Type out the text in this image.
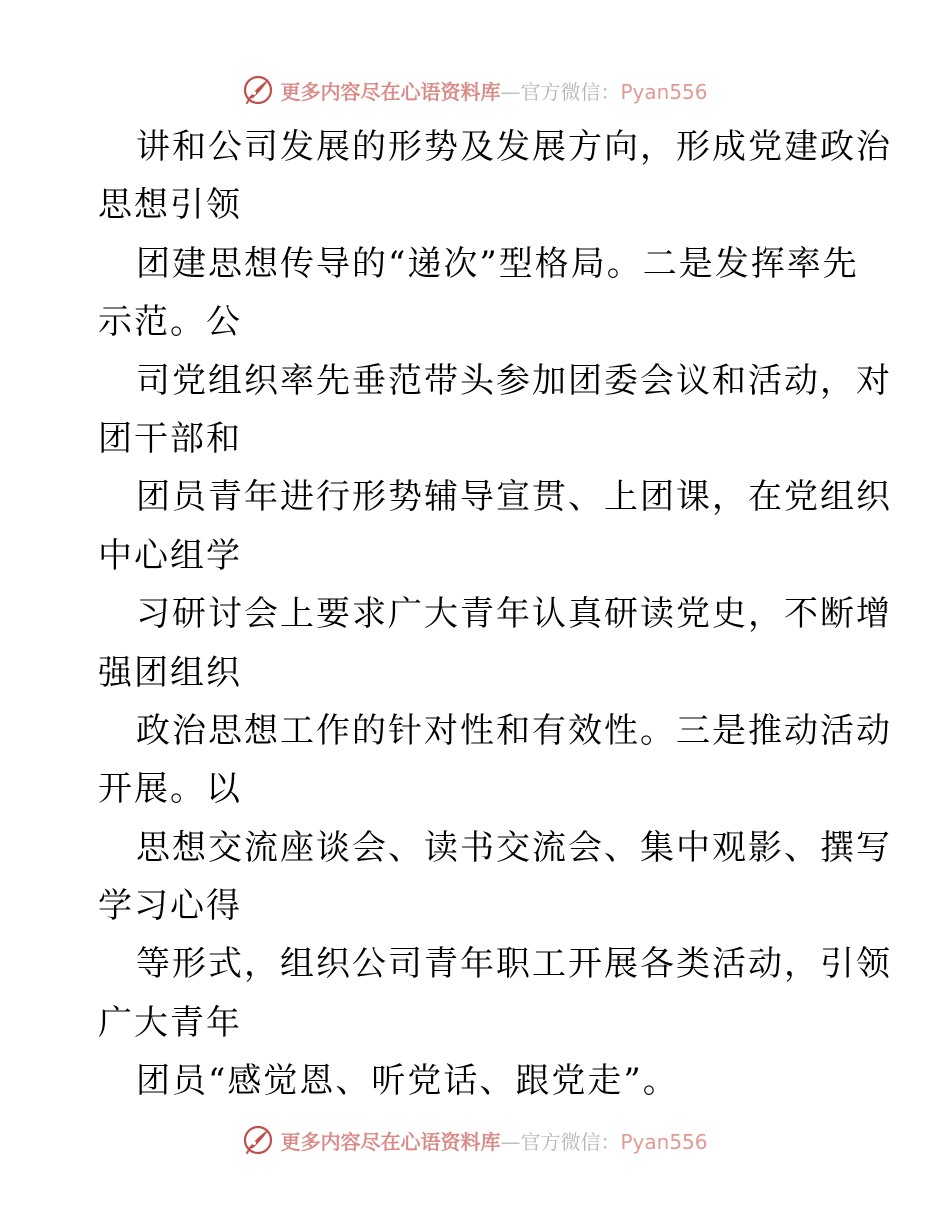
更多内容尽在心语资料库—官方微信：Pyan556
讲和公司发展的形势及发展方向，形成党建政治
思想引领
团建思想传导的“递次”型格局。二是发挥率先
示范。公
司党组织率先垂范带头参加团委会议和活动，对
团干部和
团员青年进行形势辅导宣贯、上团课，在党组织
中心组学
习研讨会上要求广大青年认真研读党史，不断增
强团组织
政治思想工作的针对性和有效性。三是推动活动
开展。以
思想交流座谈会、读书交流会、集中观影、撰写
学习心得
等形式，组织公司青年职工开展各类活动，引领
广大青年
团员“感觉恩、听党话、跟党走”。
更多内容尽在心语资料库—官方微信：Pyan556
